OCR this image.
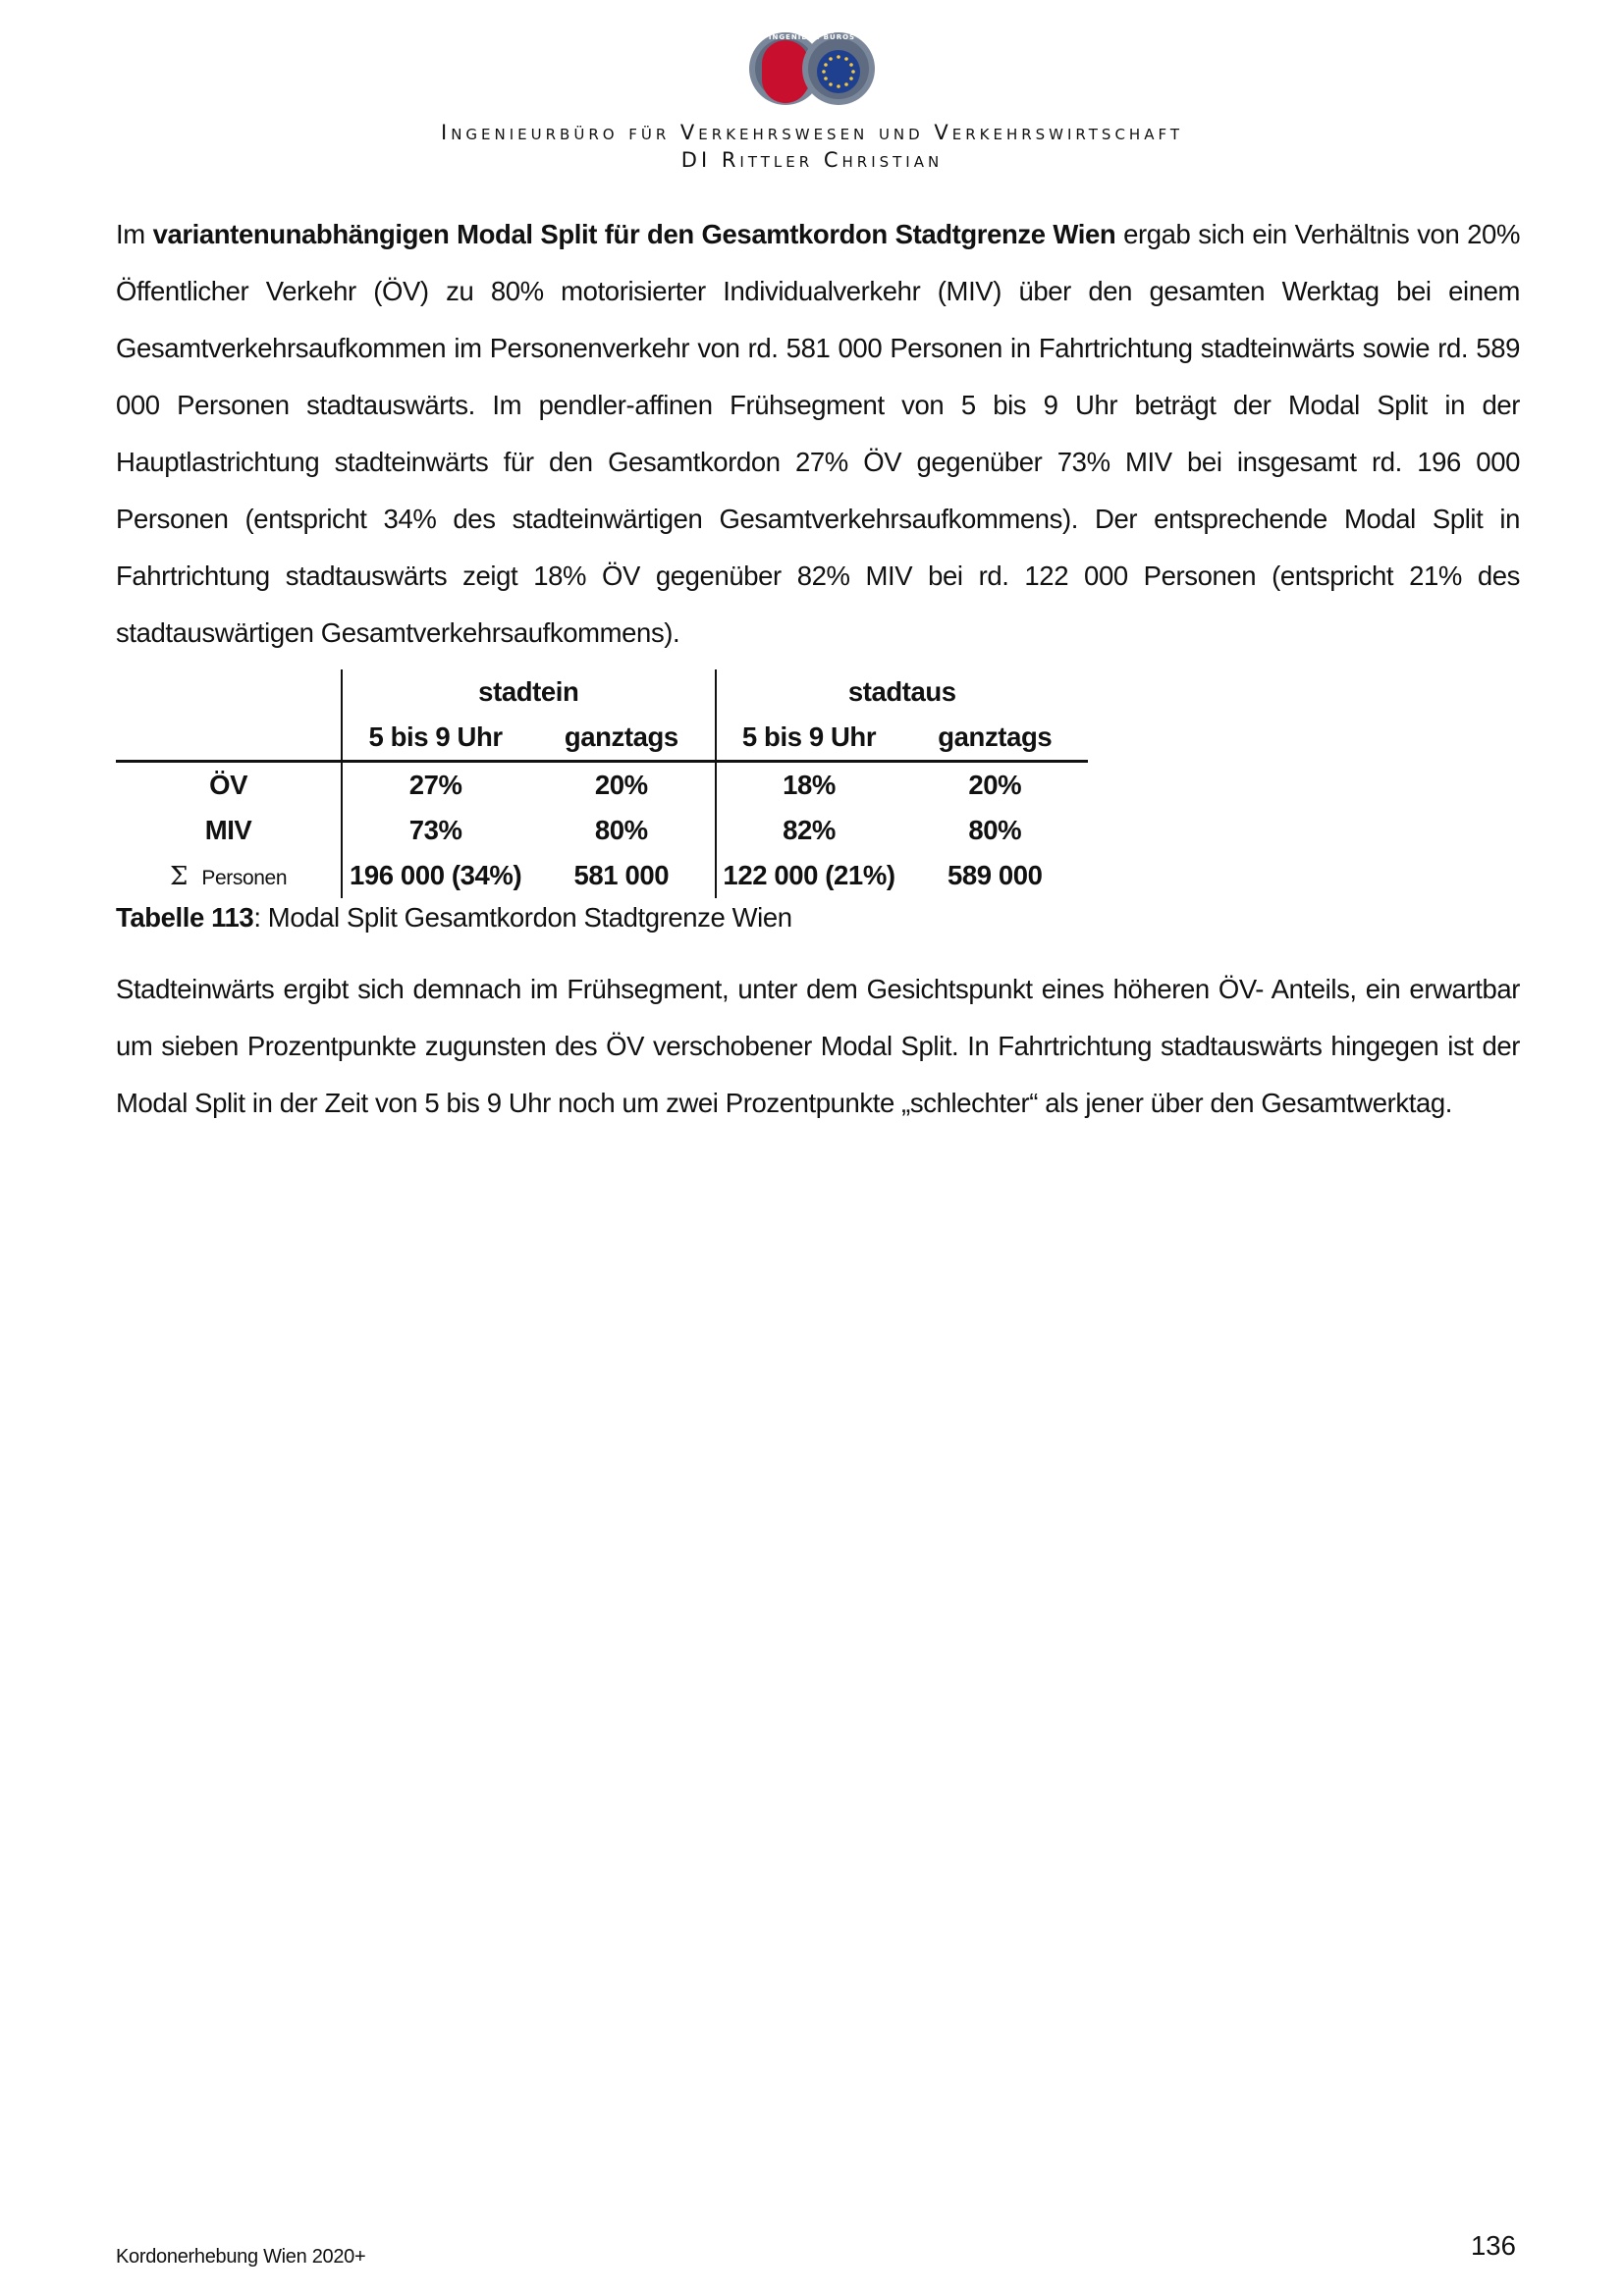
INGENIEUR BÜROS
Ingenieurbüro für Verkehrswesen und Verkehrswirtschaft
DI Rittler Christian

Im variantenunabhängigen Modal Split für den Gesamtkordon Stadtgrenze Wien ergab sich ein Verhältnis von 20% Öffentlicher Verkehr (ÖV) zu 80% motorisierter Individualverkehr (MIV) über den gesamten Werktag bei einem Gesamtverkehrsaufkommen im Personenverkehr von rd. 581 000 Personen in Fahrtrichtung stadteinwärts sowie rd. 589 000 Personen stadtauswärts. Im pendler-affinen Frühsegment von 5 bis 9 Uhr beträgt der Modal Split in der Hauptlastrichtung stadteinwärts für den Gesamtkordon 27% ÖV gegenüber 73% MIV bei insgesamt rd. 196 000 Personen (entspricht 34% des stadteinwärtigen Gesamtverkehrsaufkommens). Der entsprechende Modal Split in Fahrtrichtung stadtauswärts zeigt 18% ÖV gegenüber 82% MIV bei rd. 122 000 Personen (entspricht 21% des stadtauswärtigen Gesamtverkehrsaufkommens).

	stadtein		stadtaus	
	5 bis 9 Uhr	ganztags	5 bis 9 Uhr	ganztags
ÖV	27%	20%	18%	20%
MIV	73%	80%	82%	80%
Σ Personen	196 000 (34%)	581 000	122 000 (21%)	589 000

Tabelle 113: Modal Split Gesamtkordon Stadtgrenze Wien

Stadteinwärts ergibt sich demnach im Frühsegment, unter dem Gesichtspunkt eines höheren ÖV- Anteils, ein erwartbar um sieben Prozentpunkte zugunsten des ÖV verschobener Modal Split. In Fahrtrichtung stadtauswärts hingegen ist der Modal Split in der Zeit von 5 bis 9 Uhr noch um zwei Prozentpunkte „schlechter“ als jener über den Gesamtwerktag.

Kordonerhebung Wien 2020+	136
